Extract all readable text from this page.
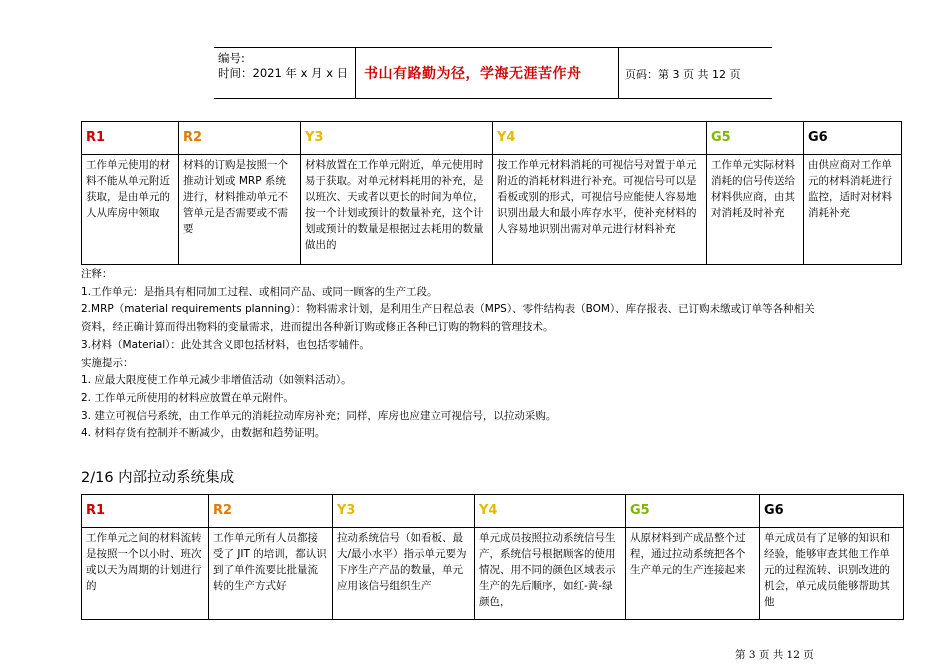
编号:
时间：2021 年 x 月 x 日	书山有路勤为径，学海无涯苦作舟	页码：第 3 页 共 12 页
R1	R2	Y3	Y4	G5	G6
工作单元使用的材料不能从单元附近获取，是由单元的人从库房中领取	材料的订购是按照一个推动计划或 MRP 系统进行，材料推动单元不管单元是否需要或不需要	材料放置在工作单元附近，单元使用时易于获取。对单元材料耗用的补充，是以班次、天或者以更长的时间为单位，按一个计划或预计的数量补充，这个计划或预计的数量是根据过去耗用的数量做出的	按工作单元材料消耗的可视信号对置于单元附近的消耗材料进行补充。可视信号可以是看板或别的形式，可视信号应能使人容易地识别出最大和最小库存水平，使补充材料的人容易地识别出需对单元进行材料补充	工作单元实际材料消耗的信号传送给材料供应商，由其对消耗及时补充	由供应商对工作单元的材料消耗进行监控，适时对材料消耗补充
注释：
1.工作单元：是指具有相同加工过程、或相同产品、或同一顾客的生产工段。
2.MRP（material requirements planning）：物料需求计划，是利用生产日程总表（MPS）、零件结构表（BOM）、库存报表、已订购未缴或订单等各种相关
资料，经正确计算而得出物料的变量需求，进而提出各种新订购或修正各种已订购的物料的管理技术。
3.材料（Material）：此处其含义即包括材料，也包括零辅件。
实施提示：
1. 应最大限度使工作单元减少非增值活动（如领料活动）。
2. 工作单元所使用的材料应放置在单元附件。
3. 建立可视信号系统，由工作单元的消耗拉动库房补充；同样，库房也应建立可视信号，以拉动采购。
4. 材料存货有控制并不断减少，由数据和趋势证明。
2/16 内部拉动系统集成
R1	R2	Y3	Y4	G5	G6
工作单元之间的材料流转是按照一个以小时、班次或以天为周期的计划进行的	工作单元所有人员都接受了 JIT 的培训，都认识到了单件流要比批量流转的生产方式好	拉动系统信号（如看板、最大/最小水平）指示单元要为下序生产产品的数量，单元应用该信号组织生产	单元成员按照拉动系统信号生产，系统信号根据顾客的使用情况、用不同的颜色区域表示生产的先后顺序，如红-黄-绿颜色，	从原材料到产成品整个过程，通过拉动系统把各个生产单元的生产连接起来	单元成员有了足够的知识和经验，能够审查其他工作单元的过程流转、识别改进的机会，单元成员能够帮助其他
第 3 页 共 12 页
